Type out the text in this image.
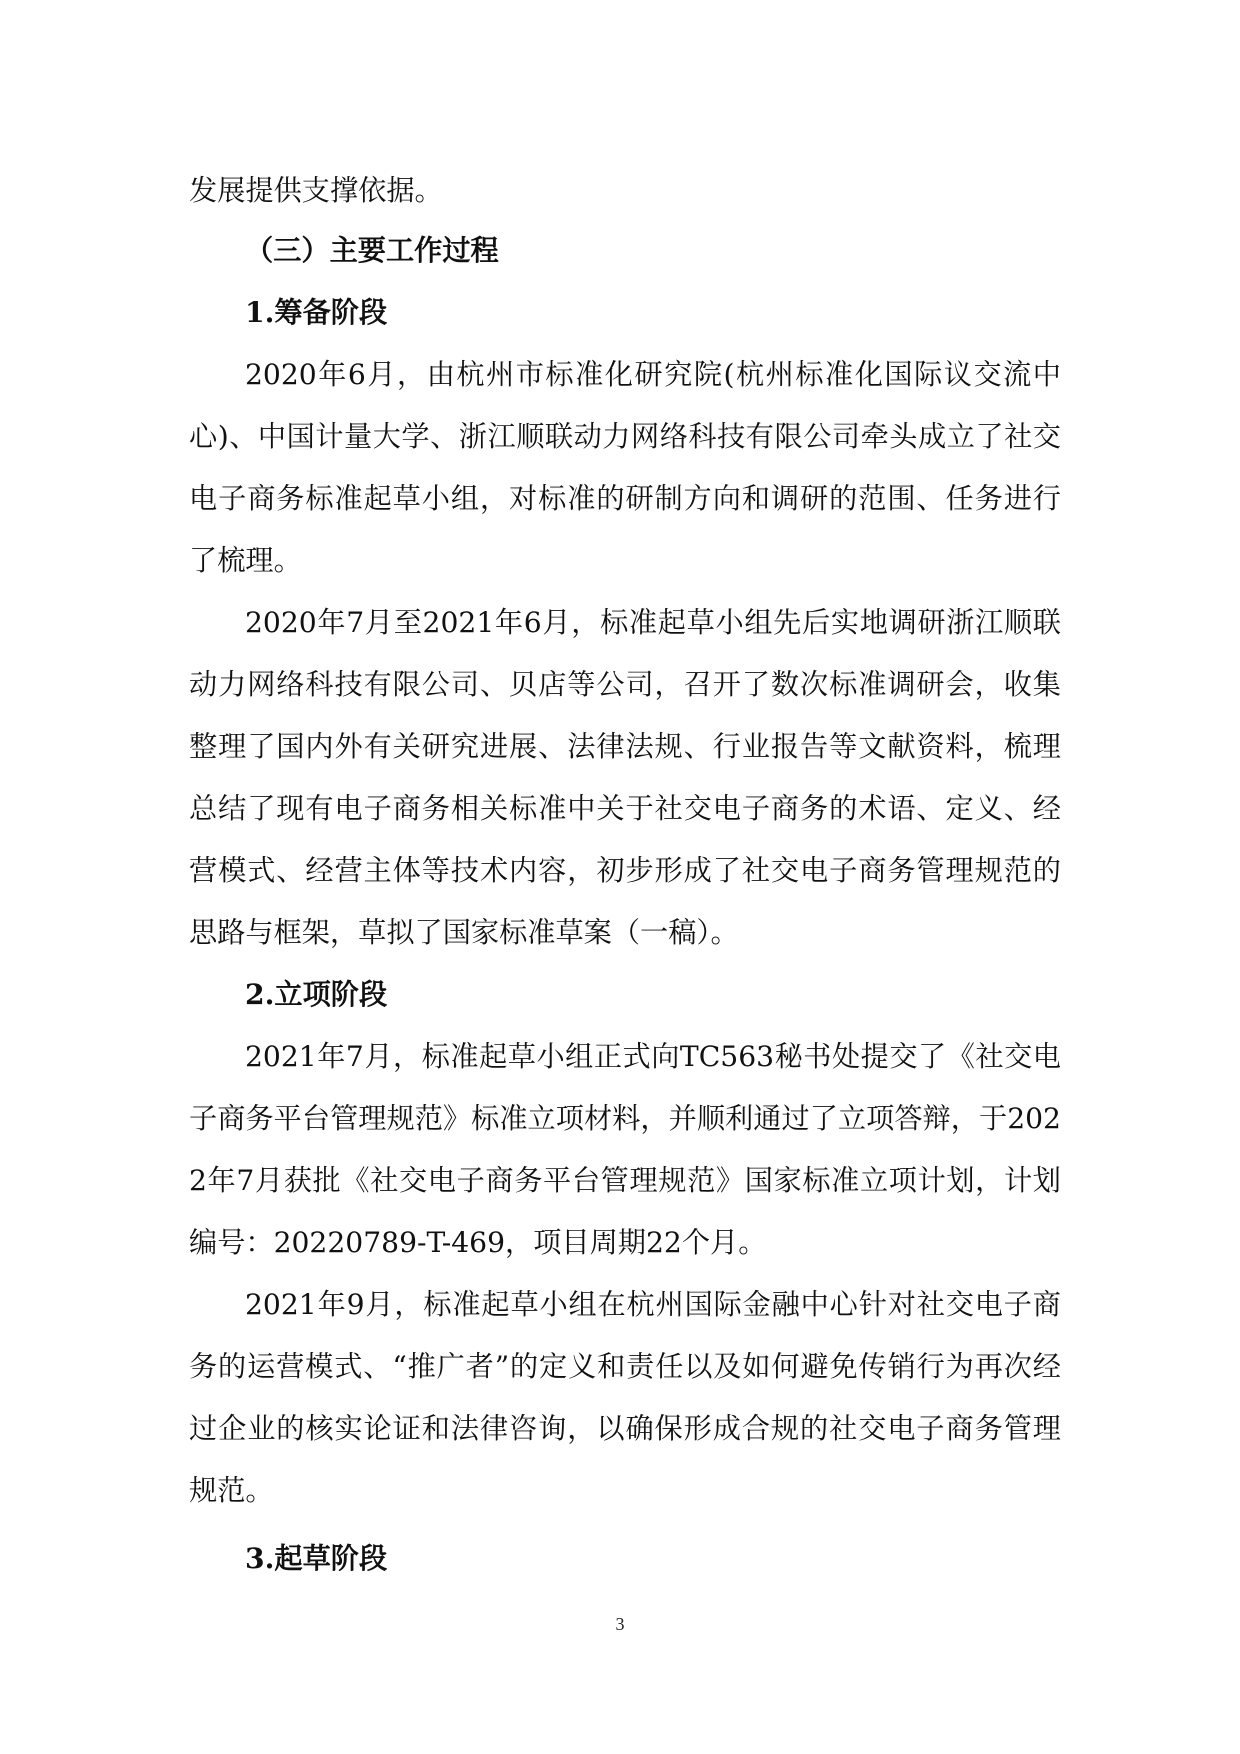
发展提供支撑依据。

（三）主要工作过程
1.筹备阶段

2020年6月，由杭州市标准化研究院(杭州标准化国际议交流中心)、中国计量大学、浙江顺联动力网络科技有限公司牵头成立了社交电子商务标准起草小组，对标准的研制方向和调研的范围、任务进行了梳理。

2020年7月至2021年6月，标准起草小组先后实地调研浙江顺联动力网络科技有限公司、贝店等公司，召开了数次标准调研会，收集整理了国内外有关研究进展、法律法规、行业报告等文献资料，梳理总结了现有电子商务相关标准中关于社交电子商务的术语、定义、经营模式、经营主体等技术内容，初步形成了社交电子商务管理规范的思路与框架，草拟了国家标准草案（一稿）。

2.立项阶段

2021年7月，标准起草小组正式向TC563秘书处提交了《社交电子商务平台管理规范》标准立项材料，并顺利通过了立项答辩，于2022年7月获批《社交电子商务平台管理规范》国家标准立项计划，计划编号：20220789-T-469，项目周期22个月。

2021年9月，标准起草小组在杭州国际金融中心针对社交电子商务的运营模式、“推广者”的定义和责任以及如何避免传销行为再次经过企业的核实论证和法律咨询，以确保形成合规的社交电子商务管理规范。

3.起草阶段
3
